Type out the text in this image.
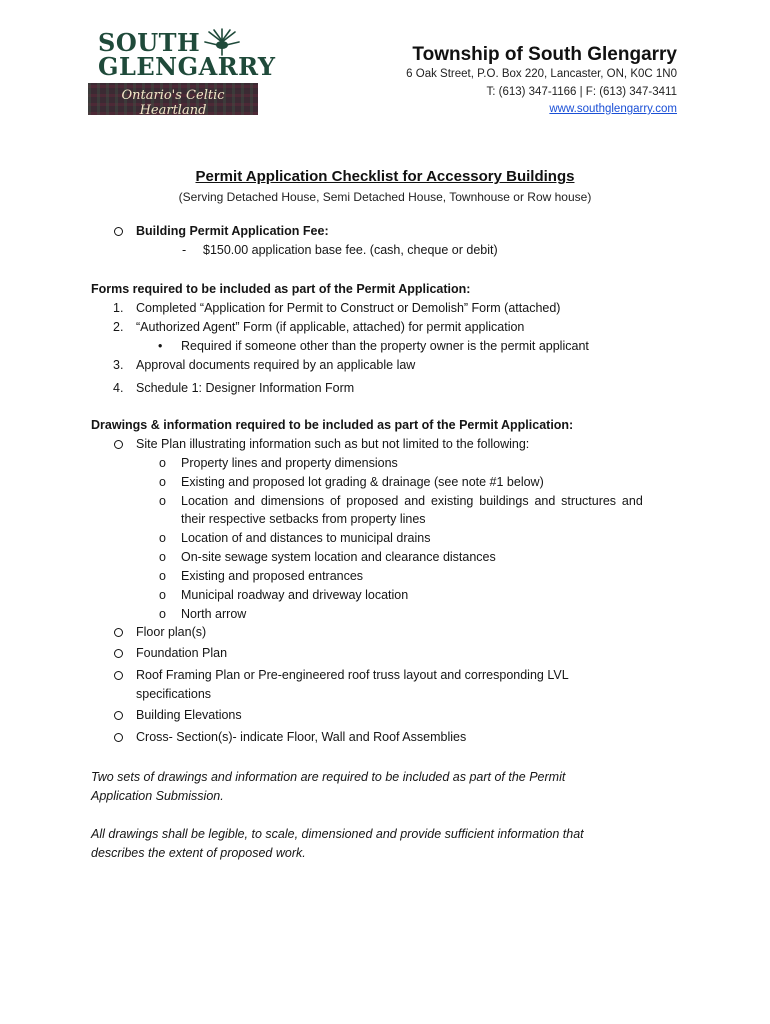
SOUTH
GLENGARRY
Ontario's Celtic Heartland
Township of South Glengarry
6 Oak Street, P.O. Box 220, Lancaster, ON, K0C 1N0
T: (613) 347-1166 | F: (613) 347-3411
www.southglengarry.com
Permit Application Checklist for Accessory Buildings
(Serving Detached House, Semi Detached House, Townhouse or Row house)
Building Permit Application Fee:
- $150.00 application base fee. (cash, cheque or debit)
Forms required to be included as part of the Permit Application:
1. Completed “Application for Permit to Construct or Demolish” Form (attached)
2. “Authorized Agent” Form (if applicable, attached) for permit application
• Required if someone other than the property owner is the permit applicant
3. Approval documents required by an applicable law
4. Schedule 1: Designer Information Form
Drawings & information required to be included as part of the Permit Application:
Site Plan illustrating information such as but not limited to the following:
o Property lines and property dimensions
o Existing and proposed lot grading & drainage (see note #1 below)
o Location and dimensions of proposed and existing buildings and structures and
their respective setbacks from property lines
o Location of and distances to municipal drains
o On-site sewage system location and clearance distances
o Existing and proposed entrances
o Municipal roadway and driveway location
o North arrow
Floor plan(s)
Foundation Plan
Roof Framing Plan or Pre-engineered roof truss layout and corresponding LVL
specifications
Building Elevations
Cross- Section(s)- indicate Floor, Wall and Roof Assemblies
Two sets of drawings and information are required to be included as part of the Permit
Application Submission.
All drawings shall be legible, to scale, dimensioned and provide sufficient information that
describes the extent of proposed work.
